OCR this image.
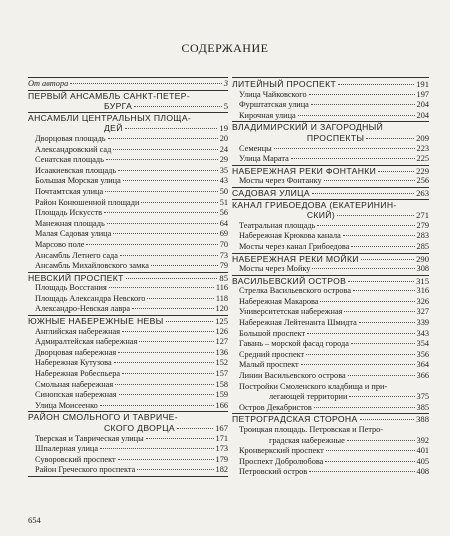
СОДЕРЖАНИЕ
От автора	3
ПЕРВЫЙ АНСАМБЛЬ САНКТ-ПЕТЕР-
БУРГА	5
АНСАМБЛИ ЦЕНТРАЛЬНЫХ ПЛОЩА-
ДЕЙ	19
Дворцовая площадь	20
Александровский сад	24
Сенатская площадь	29
Исаакиевская площадь	35
Большая Морская улица	43
Почтамтская улица	50
Район Конюшенной площади	51
Площадь Искусств	56
Манежная площадь	64
Малая Садовая улица	69
Марсово поле	70
Ансамбль Летнего сада	73
Ансамбль Михайловского замка	79
НЕВСКИЙ ПРОСПЕКТ	85
Площадь Восстания	116
Площадь Александра Невского	118
Александро-Невская лавра	120
ЮЖНЫЕ НАБЕРЕЖНЫЕ НЕВЫ	125
Английская набережная	126
Адмиралтейская набережная	127
Дворцовая набережная	136
Набережная Кутузова	152
Набережная Робеспьера	157
Смольная набережная	158
Синопская набережная	159
Улица Моисеенко	166
РАЙОН СМОЛЬНОГО И ТАВРИЧЕ-
СКОГО ДВОРЦА	167
Тверская и Таврическая улицы	171
Шпалерная улица	173
Суворовский проспект	179
Район Греческого проспекта	182
ЛИТЕЙНЫЙ ПРОСПЕКТ	191
Улица Чайковского	197
Фурштатская улица	204
Кирочная улица	204
ВЛАДИМИРСКИЙ И ЗАГОРОДНЫЙ
ПРОСПЕКТЫ	209
Семенцы	223
Улица Марата	225
НАБЕРЕЖНАЯ РЕКИ ФОНТАНКИ	229
Мосты через Фонтанку	256
САДОВАЯ УЛИЦА	263
КАНАЛ ГРИБОЕДОВА (ЕКАТЕРИНИН-
СКИЙ)	271
Театральная площадь	279
Набережная Крюкова канала	283
Мосты через канал Грибоедова	285
НАБЕРЕЖНАЯ РЕКИ МОЙКИ	290
Мосты через Мойку	308
ВАСИЛЬЕВСКИЙ ОСТРОВ	315
Стрелка Васильевского острова	316
Набережная Макарова	326
Университетская набережная	327
Набережная Лейтенанта Шмидта	339
Большой проспект	343
Гавань – морской фасад города	354
Средний проспект	356
Малый проспект	364
Линии Васильевского острова	366
Постройки Смоленского кладбища и при-
легающей территории	375
Остров Декабристов	385
ПЕТРОГРАДСКАЯ СТОРОНА	388
Троицкая площадь. Петровская и Петро-
градская набережные	392
Кронверкский проспект	401
Проспект Добролюбова	405
Петровский остров	408
654
